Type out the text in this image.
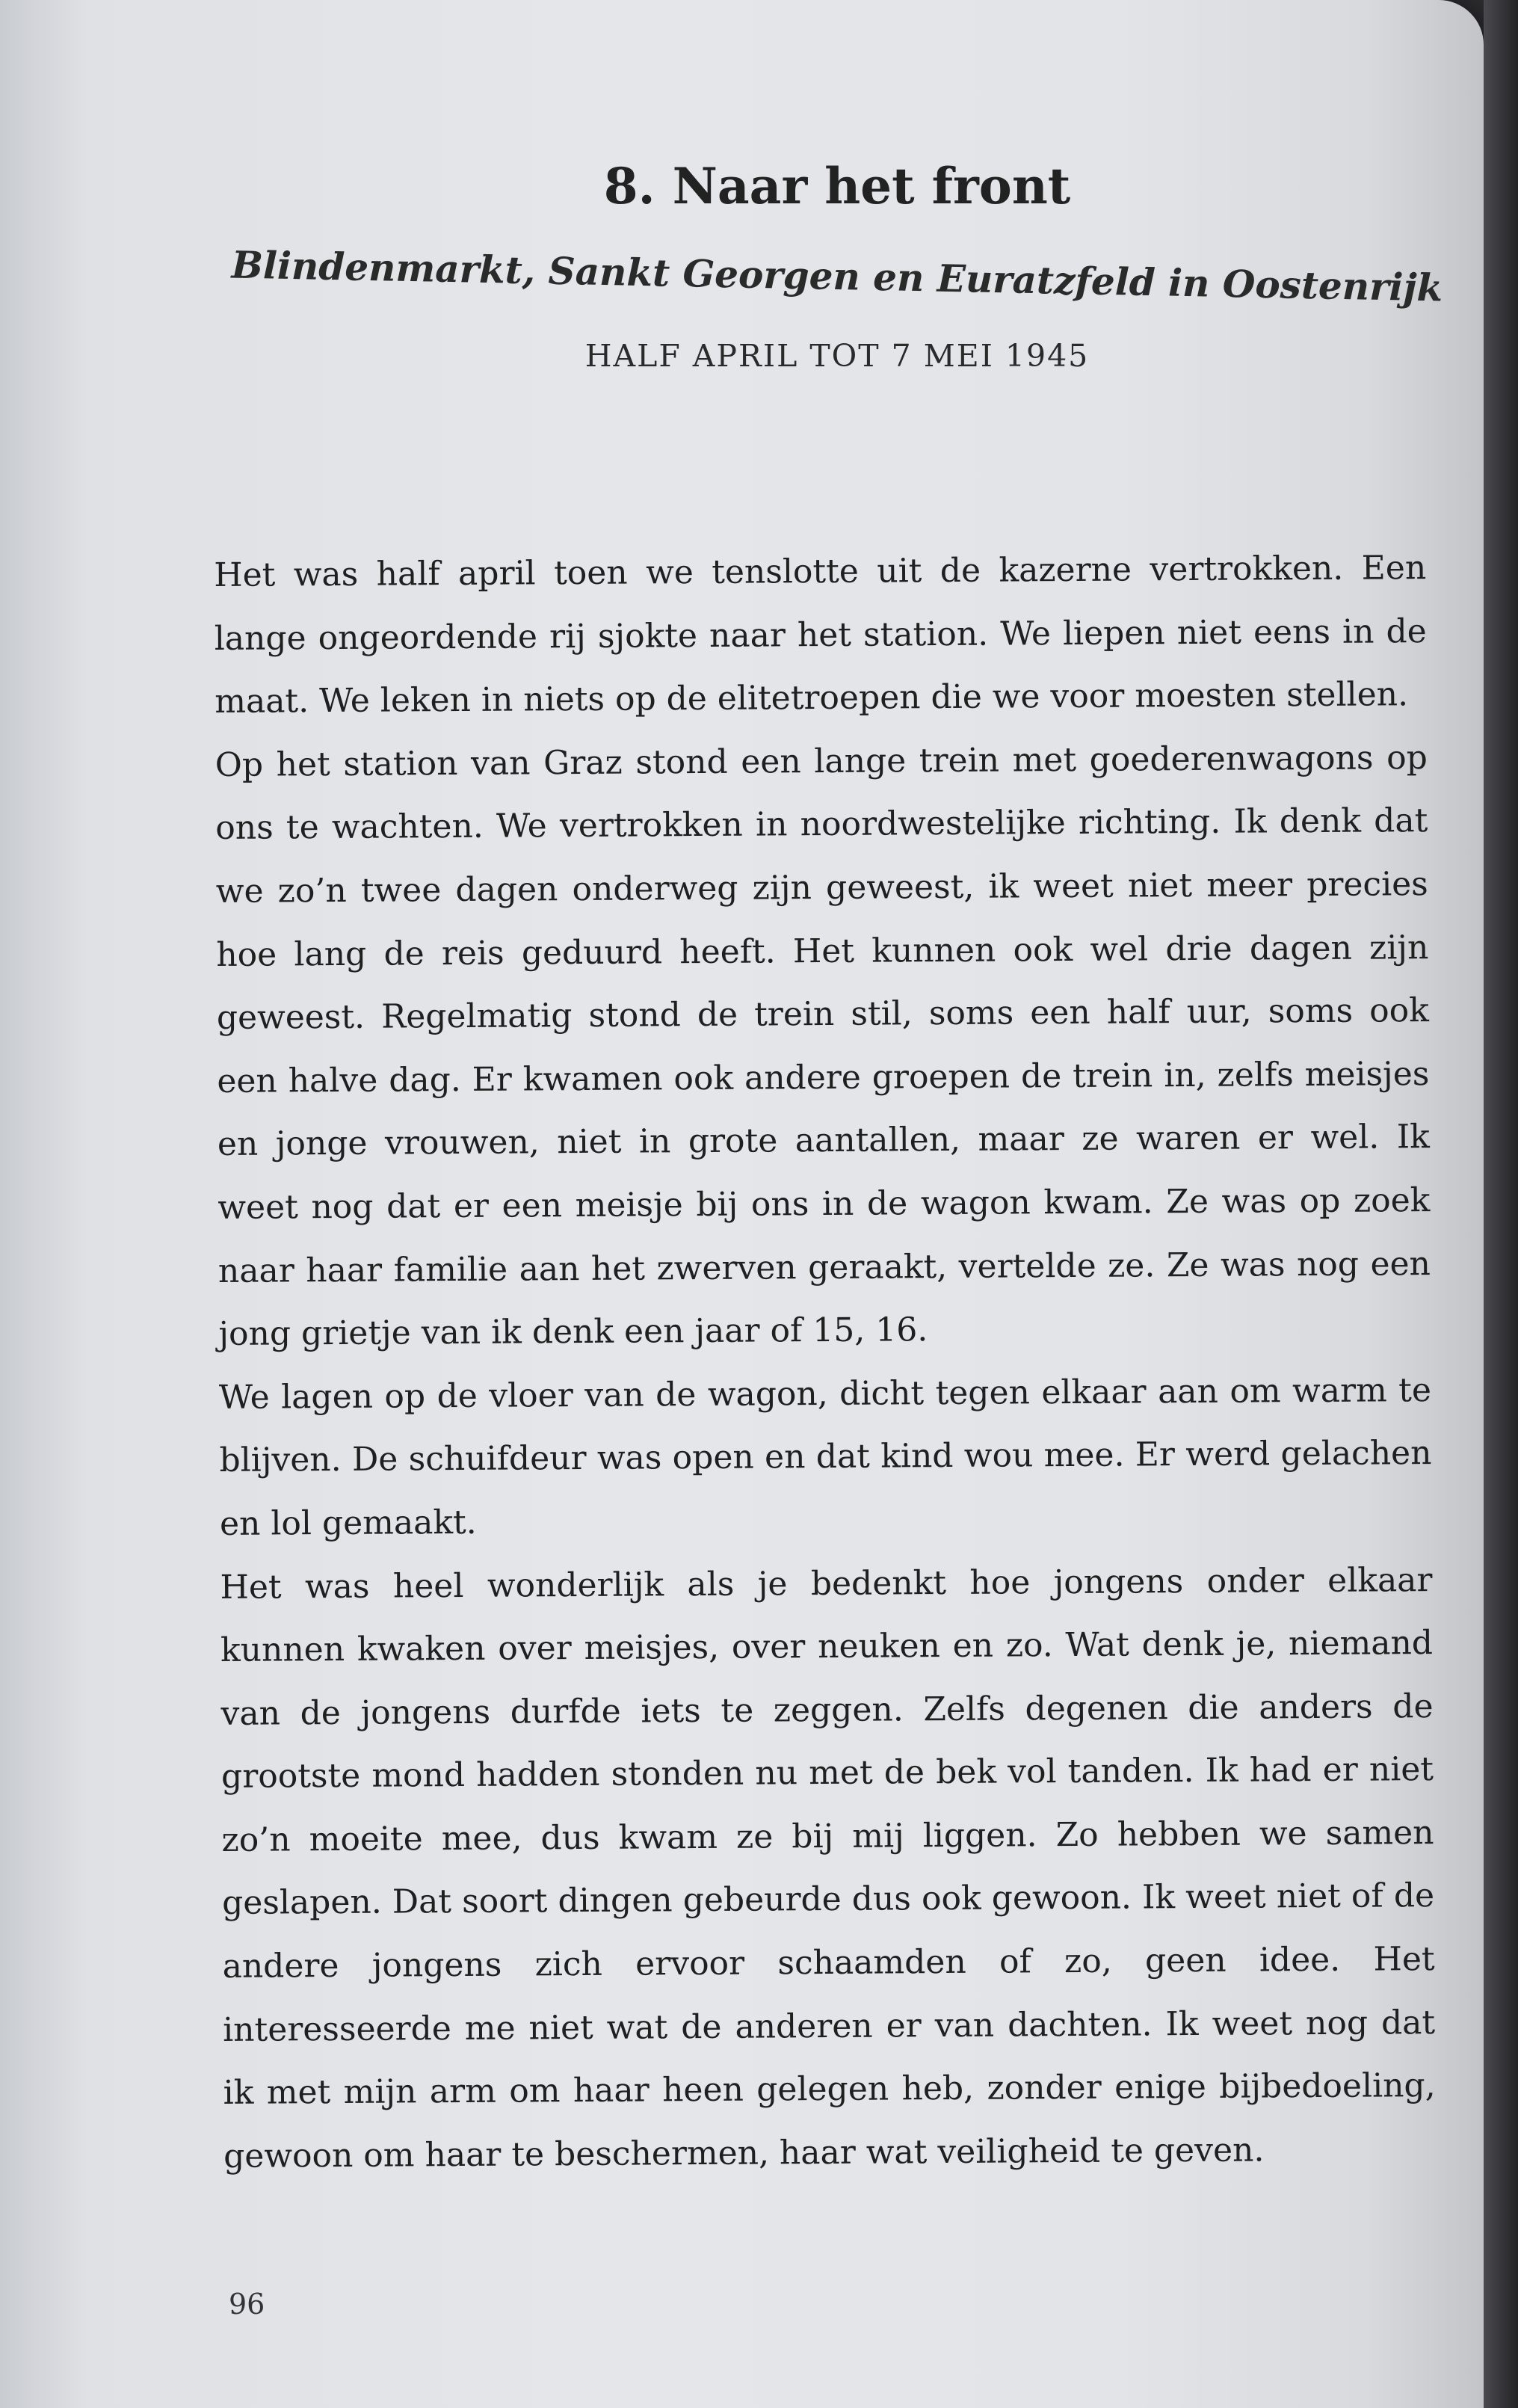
8. Naar het front
Blindenmarkt, Sankt Georgen en Euratzfeld in Oostenrijk
HALF APRIL TOT 7 MEI 1945

Het was half april toen we tenslotte uit de kazerne vertrokken. Een lange ongeordende rij sjokte naar het station. We liepen niet eens in de maat. We leken in niets op de elitetroepen die we voor moesten stellen.

Op het station van Graz stond een lange trein met goederenwagons op ons te wachten. We vertrokken in noordwestelijke richting. Ik denk dat we zo’n twee dagen onderweg zijn geweest, ik weet niet meer precies hoe lang de reis geduurd heeft. Het kunnen ook wel drie dagen zijn geweest. Regelmatig stond de trein stil, soms een half uur, soms ook een halve dag. Er kwamen ook andere groepen de trein in, zelfs meisjes en jonge vrouwen, niet in grote aantallen, maar ze waren er wel. Ik weet nog dat er een meisje bij ons in de wagon kwam. Ze was op zoek naar haar familie aan het zwerven geraakt, vertelde ze. Ze was nog een jong grietje van ik denk een jaar of 15, 16.

We lagen op de vloer van de wagon, dicht tegen elkaar aan om warm te blijven. De schuifdeur was open en dat kind wou mee. Er werd gelachen en lol gemaakt.

Het was heel wonderlijk als je bedenkt hoe jongens onder elkaar kunnen kwaken over meisjes, over neuken en zo. Wat denk je, niemand van de jongens durfde iets te zeggen. Zelfs degenen die anders de grootste mond hadden stonden nu met de bek vol tanden. Ik had er niet zo’n moeite mee, dus kwam ze bij mij liggen. Zo hebben we samen geslapen. Dat soort dingen gebeurde dus ook gewoon. Ik weet niet of de andere jongens zich ervoor schaamden of zo, geen idee. Het interesseerde me niet wat de anderen er van dachten. Ik weet nog dat ik met mijn arm om haar heen gelegen heb, zonder enige bijbedoeling, gewoon om haar te beschermen, haar wat veiligheid te geven.

96
